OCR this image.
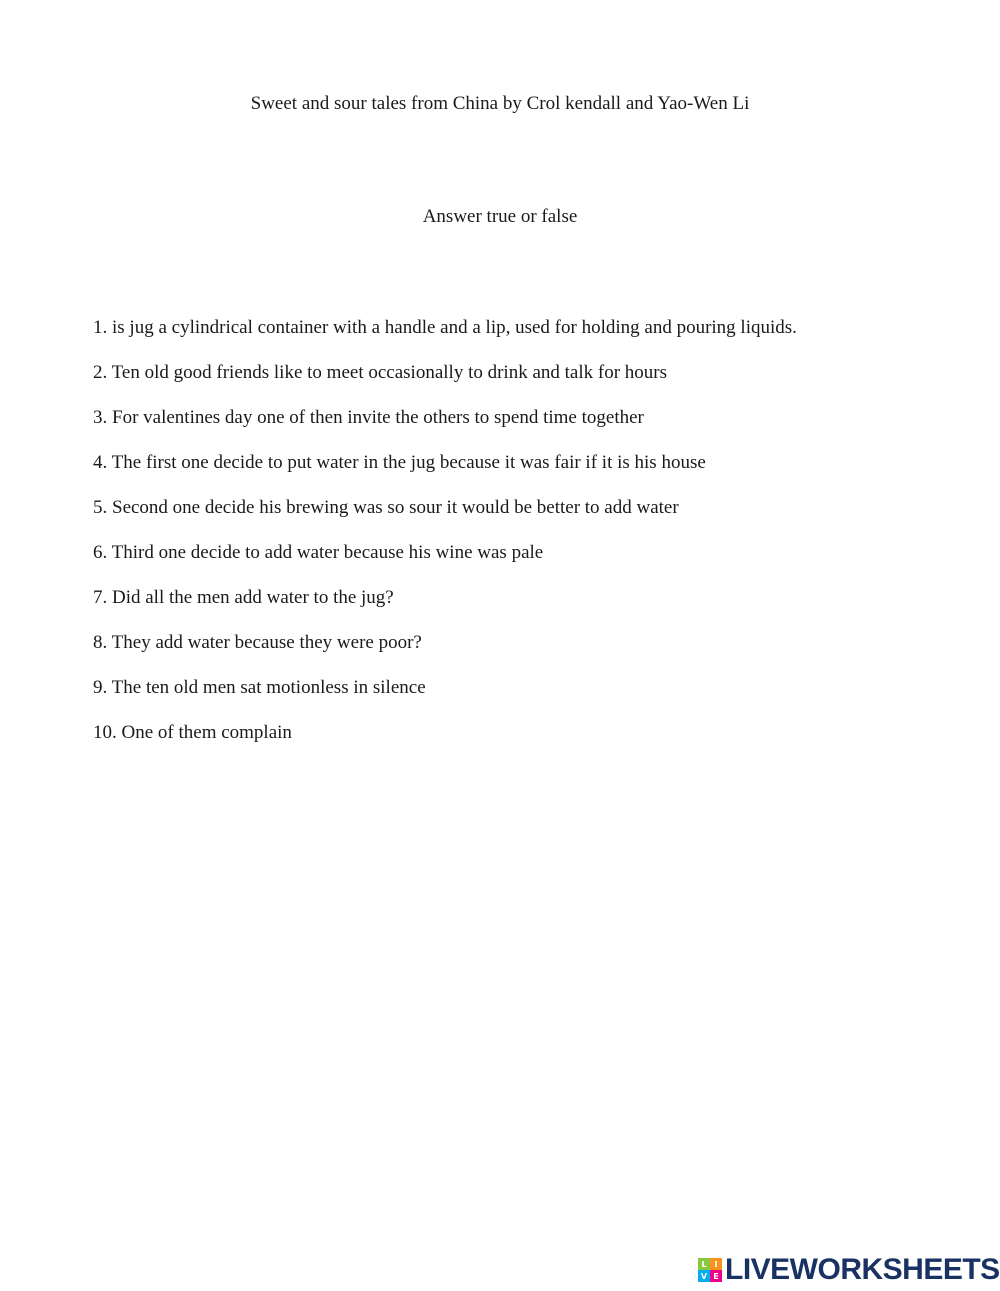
Sweet and sour tales from China by Crol kendall and Yao-Wen Li
Answer true or false
1. is jug a cylindrical container with a handle and a lip, used for holding and pouring liquids.
2. Ten old good friends like to meet occasionally to drink and talk for hours
3. For valentines day one of then invite the others to spend time together
4. The first one decide to put water in the jug because it was fair if it is his house
5. Second one decide his brewing was so sour it would be better to add water
6. Third one decide to add water because his wine was pale
7. Did all the men add water to the jug?
8. They add water because they were poor?
9. The ten old men sat motionless in silence
10. One of them complain
L I
V E LIVEWORKSHEETS
